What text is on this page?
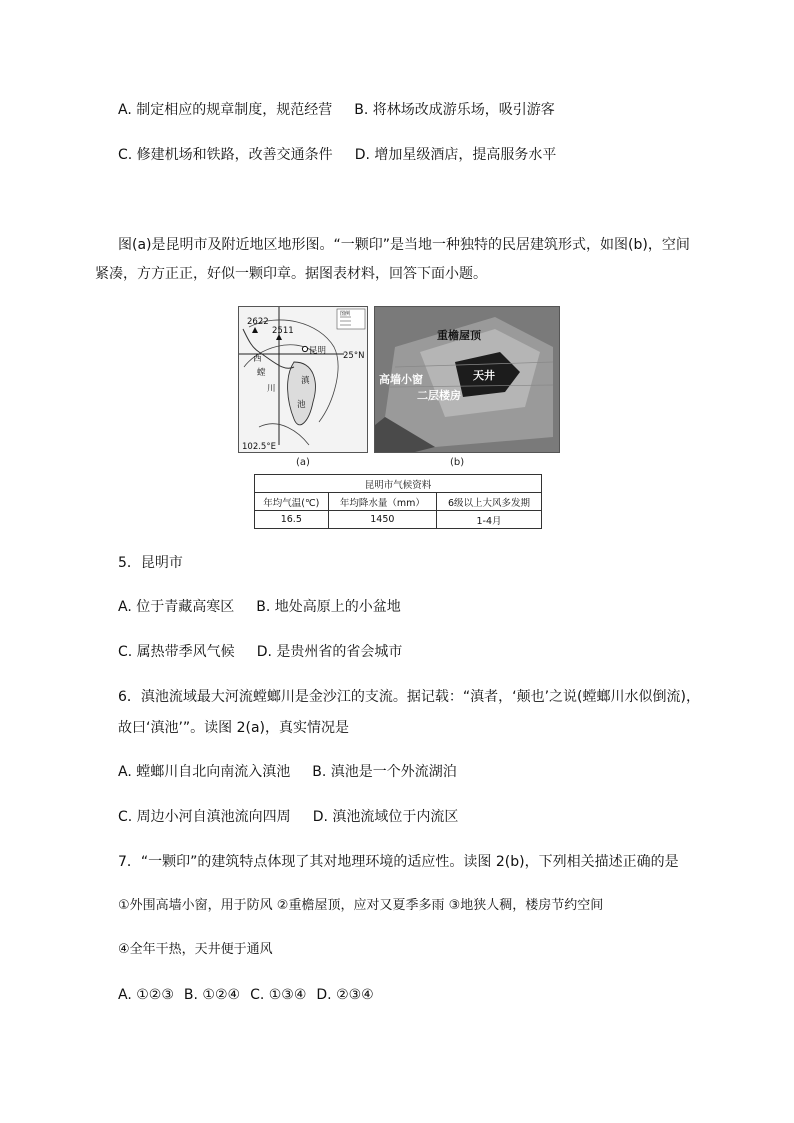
A. 制定相应的规章制度，规范经营 B. 将林场改成游乐场，吸引游客
C. 修建机场和铁路，改善交通条件 D. 增加星级酒店，提高服务水平
图(a)是昆明市及附近地区地形图。“一颗印”是当地一种独特的民居建筑形式，如图(b)，空间
紧凑，方方正正，好似一颗印章。据图表材料，回答下面小题。
2622
2511
昆明 25°N
西
螳
川
滇
池
图例
102.5°E
(a)
重檐屋顶
天井
高墙小窗
二层楼房
(b)
昆明市气候资料		
年均气温(℃)	年均降水量（mm）	6级以上大风多发期
16.5	1450	1-4月
5．昆明市
A. 位于青藏高寒区 B. 地处高原上的小盆地
C. 属热带季风气候 D. 是贵州省的省会城市
6．滇池流域最大河流螳螂川是金沙江的支流。据记载：“滇者，‘颠也’之说(螳螂川水似倒流)，
故曰‘滇池’”。读图 2(a)，真实情况是
A. 螳螂川自北向南流入滇池 B. 滇池是一个外流湖泊
C. 周边小河自滇池流向四周 D. 滇池流域位于内流区
7．“一颗印”的建筑特点体现了其对地理环境的适应性。读图 2(b)，下列相关描述正确的是
①外围高墙小窗，用于防风 ②重檐屋顶，应对又夏季多雨 ③地狭人稠，楼房节约空间
④全年干热，天井便于通风
A. ①②③ B. ①②④ C. ①③④ D. ②③④
